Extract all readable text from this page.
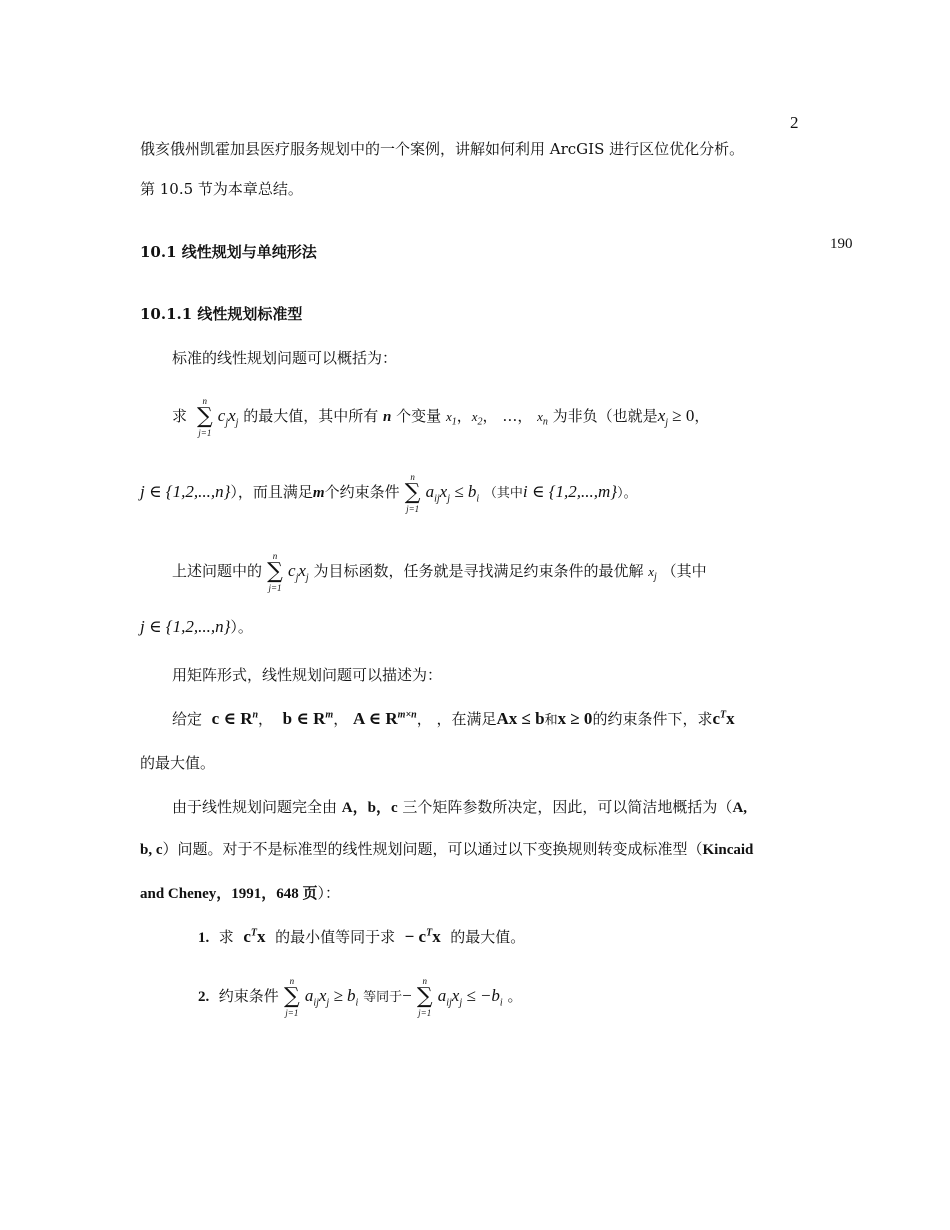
2
190
俄亥俄州凯霍加县医疗服务规划中的一个案例，讲解如何利用 ArcGIS 进行区位优化分析。
第 10.5 节为本章总结。
10.1 线性规划与单纯形法
10.1.1 线性规划标准型
标准的线性规划问题可以概括为：
求
n
∑
j=1
$c_jx_j$ 的最大值，其中所有 n 个变量 $x_1$，$x_2$， …， $x_n$ 为非负（也就是$x_j \ge 0$，
j ∈ {1,2,...,n}），而且满足m个约束条件
n
∑
j=1
$a_{ij}x_j \le b_i$ （其中i ∈ {1,2,...,m}）。
上述问题中的
n
∑
j=1
$c_jx_j$ 为目标函数，任务就是寻找满足约束条件的最优解 $x_j$ （其中
j ∈ {1,2,...,n}）。
用矩阵形式，线性规划问题可以描述为：
给定 c ∈ $R^n$，  b ∈ $R^m$， A ∈ $R^{m\times n}$， ，在满足Ax ≤ b和x ≥ 0的约束条件下，求$c^Tx$
的最大值。
由于线性规划问题完全由 A，b，c 三个矩阵参数所决定，因此，可以简洁地概括为（A,
b, c）问题。对于不是标准型的线性规划问题，可以通过以下变换规则转变成标准型（Kincaid
and Cheney，1991，648 页）：
1. 求 $c^Tx$ 的最小值等同于求 − $c^Tx$ 的最大值。
2. 约束条件
n
∑
j=1
$a_{ij}x_j \ge b_i$ 等同于−
n
∑
j=1
$a_{ij}x_j \le -b_i$ 。
